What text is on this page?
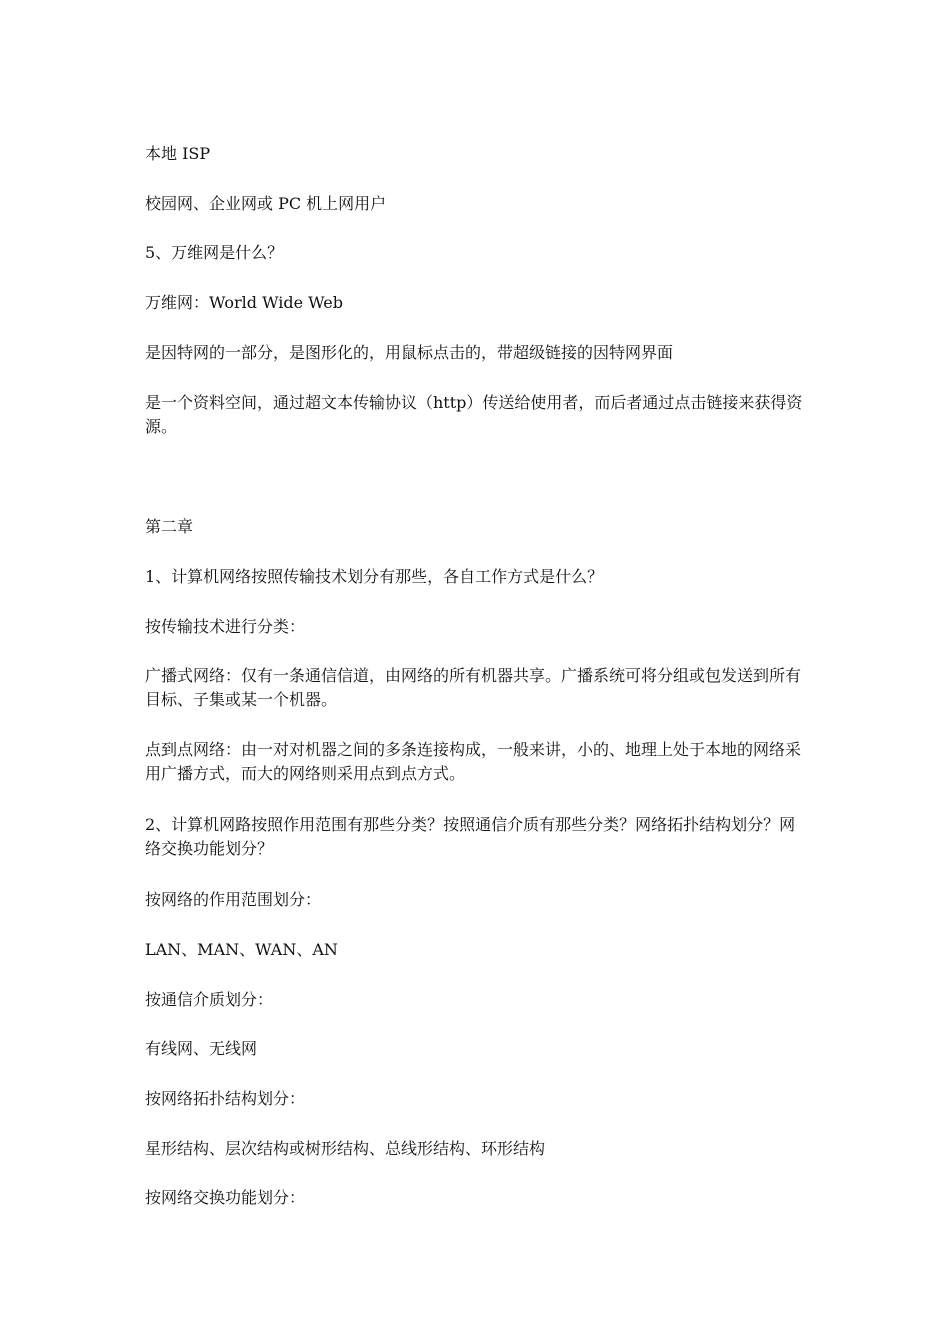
本地 ISP

校园网、企业网或 PC 机上网用户

5、万维网是什么？

万维网：World Wide Web

是因特网的一部分，是图形化的，用鼠标点击的，带超级链接的因特网界面

是一个资料空间，通过超文本传输协议（http）传送给使用者，而后者通过点击链接来获得资源。

第二章

1、计算机网络按照传输技术划分有那些，各自工作方式是什么？

按传输技术进行分类：

广播式网络：仅有一条通信信道，由网络的所有机器共享。广播系统可将分组或包发送到所有目标、子集或某一个机器。

点到点网络：由一对对机器之间的多条连接构成，一般来讲，小的、地理上处于本地的网络采用广播方式，而大的网络则采用点到点方式。

2、计算机网路按照作用范围有那些分类？按照通信介质有那些分类？网络拓扑结构划分？网络交换功能划分？

按网络的作用范围划分：

LAN、MAN、WAN、AN

按通信介质划分：

有线网、无线网

按网络拓扑结构划分：

星形结构、层次结构或树形结构、总线形结构、环形结构

按网络交换功能划分：
